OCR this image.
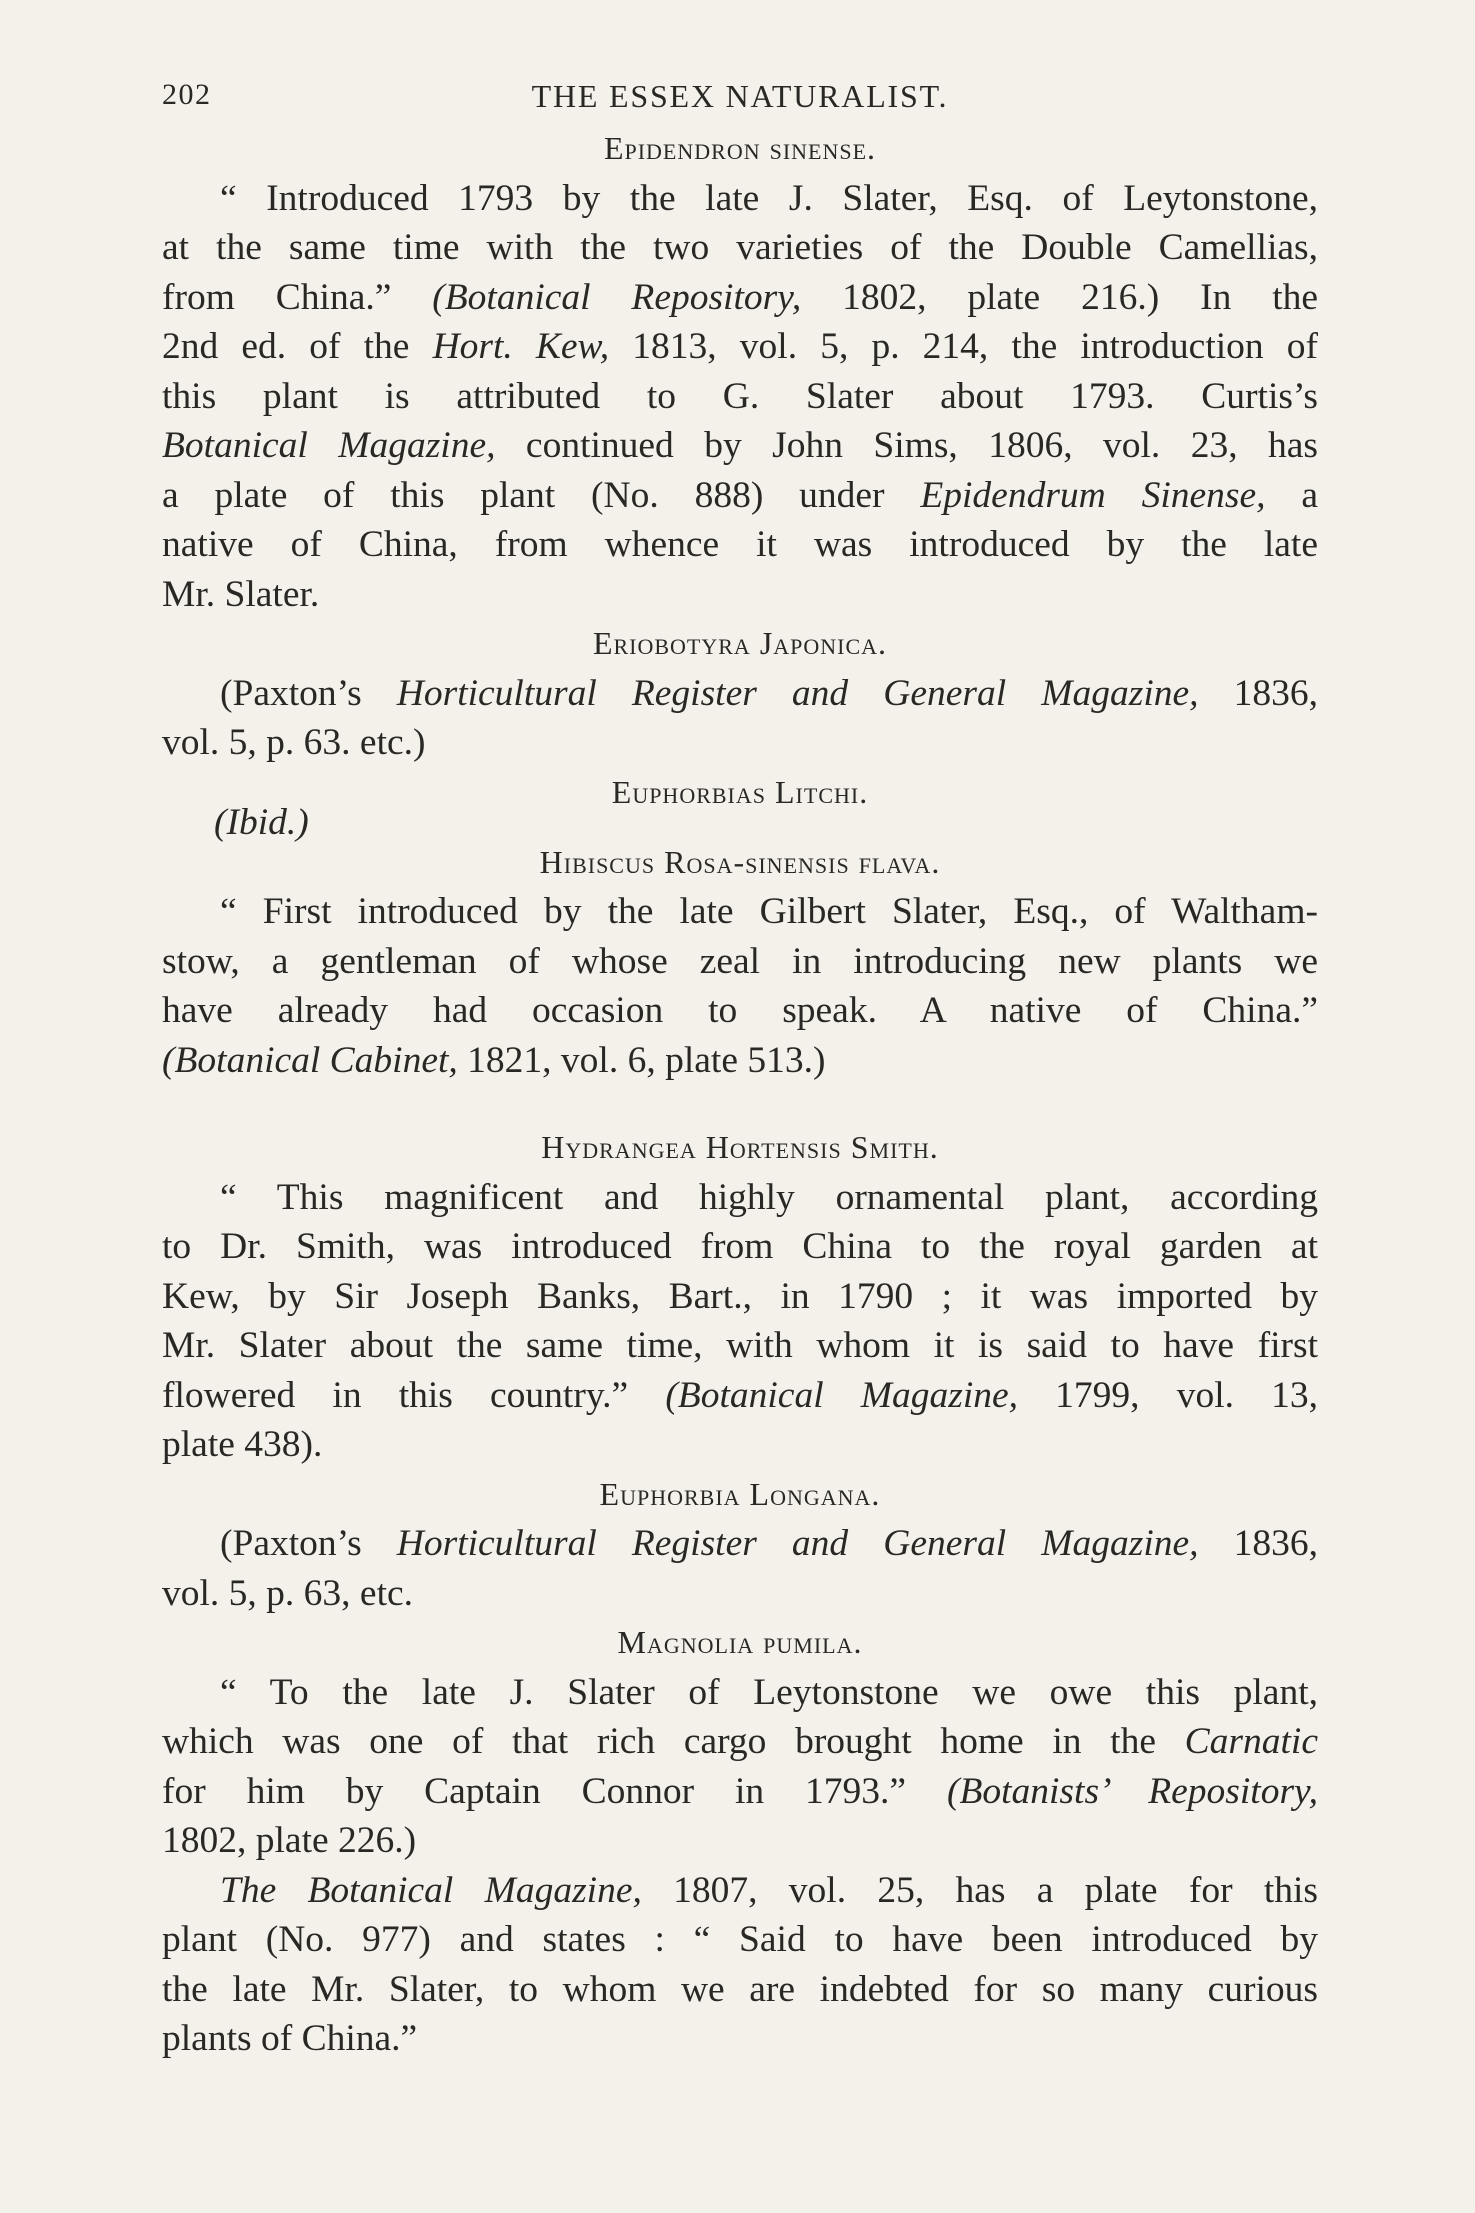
202	THE ESSEX NATURALIST.
Epidendron sinense.
“ Introduced 1793 by the late J. Slater, Esq. of Leytonstone,
at the same time with the two varieties of the Double Camellias,
from China.” (Botanical Repository, 1802, plate 216.) In the
2nd ed. of the Hort. Kew, 1813, vol. 5, p. 214, the introduction of
this plant is attributed to G. Slater about 1793. Curtis’s
Botanical Magazine, continued by John Sims, 1806, vol. 23, has
a plate of this plant (No. 888) under Epidendrum Sinense, a
native of China, from whence it was introduced by the late
Mr. Slater.
Eriobotyra Japonica.
(Paxton’s Horticultural Register and General Magazine, 1836,
vol. 5, p. 63. etc.)
Euphorbias Litchi.
(Ibid.)
Hibiscus Rosa-sinensis flava.
“ First introduced by the late Gilbert Slater, Esq., of Waltham-
stow, a gentleman of whose zeal in introducing new plants we
have already had occasion to speak. A native of China.”
(Botanical Cabinet, 1821, vol. 6, plate 513.)
Hydrangea Hortensis Smith.
“ This magnificent and highly ornamental plant, according
to Dr. Smith, was introduced from China to the royal garden at
Kew, by Sir Joseph Banks, Bart., in 1790 ; it was imported by
Mr. Slater about the same time, with whom it is said to have first
flowered in this country.” (Botanical Magazine, 1799, vol. 13,
plate 438).
Euphorbia Longana.
(Paxton’s Horticultural Register and General Magazine, 1836,
vol. 5, p. 63, etc.
Magnolia pumila.
“ To the late J. Slater of Leytonstone we owe this plant,
which was one of that rich cargo brought home in the Carnatic
for him by Captain Connor in 1793.” (Botanists’ Repository,
1802, plate 226.)
The Botanical Magazine, 1807, vol. 25, has a plate for this
plant (No. 977) and states : “ Said to have been introduced by
the late Mr. Slater, to whom we are indebted for so many curious
plants of China.”
